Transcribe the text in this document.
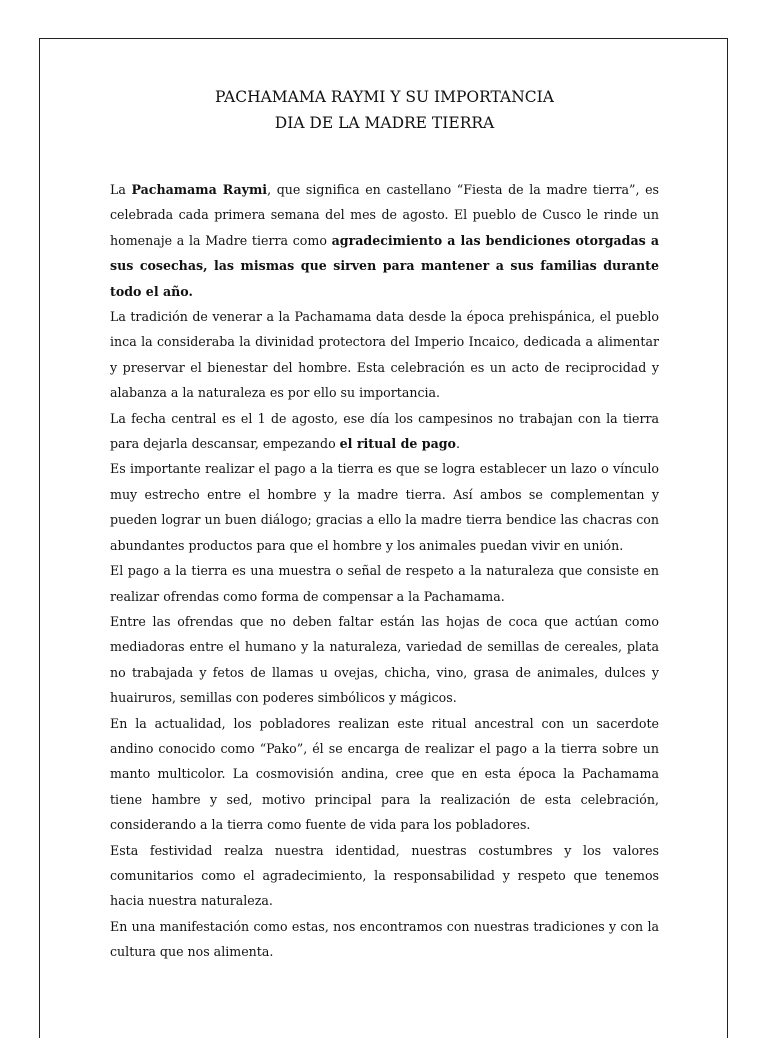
PACHAMAMA RAYMI Y SU IMPORTANCIA

DIA DE LA MADRE TIERRA

La Pachamama Raymi, que significa en castellano “Fiesta de la madre tierra”, es celebrada cada primera semana del mes de agosto. El pueblo de Cusco le rinde un homenaje a la Madre tierra como agradecimiento a las bendiciones otorgadas a sus cosechas, las mismas que sirven para mantener a sus familias durante todo el año.

La tradición de venerar a la Pachamama data desde la época prehispánica, el pueblo inca la consideraba la divinidad protectora del Imperio Incaico, dedicada a alimentar y preservar el bienestar del hombre. Esta celebración es un acto de reciprocidad y alabanza a la naturaleza es por ello su importancia.

La fecha central es el 1 de agosto, ese día los campesinos no trabajan con la tierra para dejarla descansar, empezando el ritual de pago.

Es importante realizar el pago a la tierra es que se logra establecer un lazo o vínculo muy estrecho entre el hombre y la madre tierra. Así ambos se complementan y pueden lograr un buen diálogo; gracias a ello la madre tierra bendice las chacras con abundantes productos para que el hombre y los animales puedan vivir en unión.

El pago a la tierra es una muestra o señal de respeto a la naturaleza que consiste en realizar ofrendas como forma de compensar a la Pachamama.

Entre las ofrendas que no deben faltar están las hojas de coca que actúan como mediadoras entre el humano y la naturaleza, variedad de semillas de cereales, plata no trabajada y fetos de llamas u ovejas, chicha, vino, grasa de animales, dulces y huairuros, semillas con poderes simbólicos y mágicos.

En la actualidad, los pobladores realizan este ritual ancestral con un sacerdote andino conocido como “Pako”, él se encarga de realizar el pago a la tierra sobre un manto multicolor. La cosmovisión andina, cree que en esta época la Pachamama tiene hambre y sed, motivo principal para la realización de esta celebración, considerando a la tierra como fuente de vida para los pobladores.

Esta festividad realza nuestra identidad, nuestras costumbres y los valores comunitarios como el agradecimiento, la responsabilidad y respeto que tenemos hacia nuestra naturaleza.

En una manifestación como estas, nos encontramos con nuestras tradiciones y con la cultura que nos alimenta.
